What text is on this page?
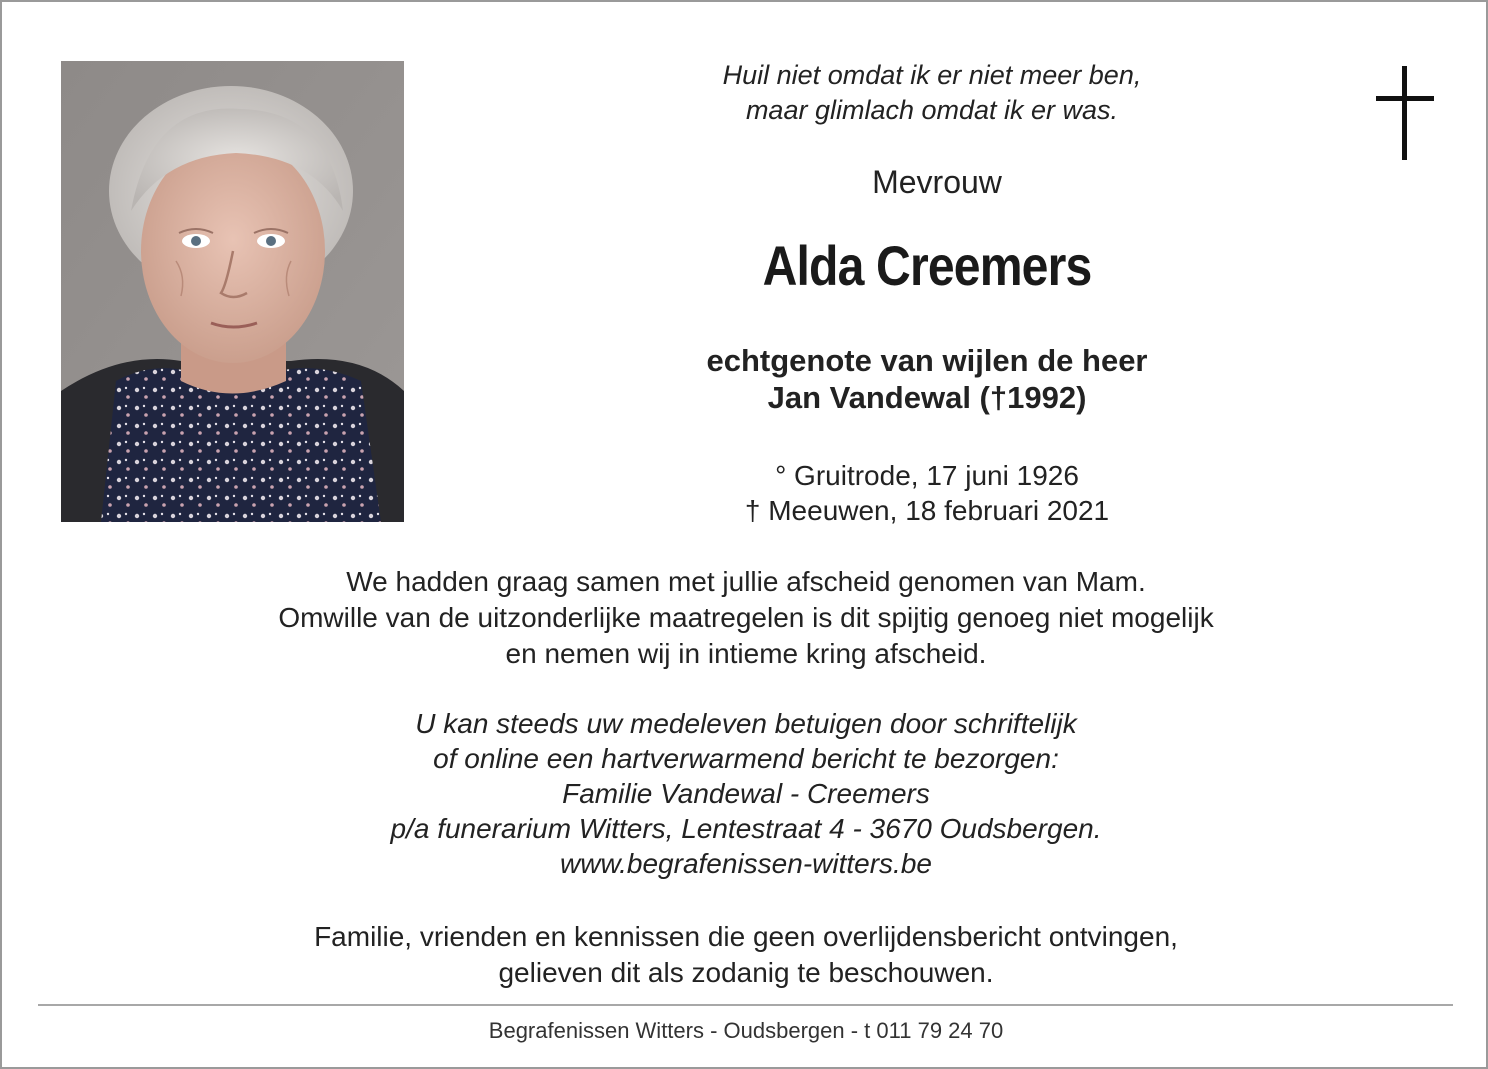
Huil niet omdat ik er niet meer ben,
maar glimlach omdat ik er was.
Mevrouw
Alda Creemers
echtgenote van wijlen de heer
Jan Vandewal (†1992)
° Gruitrode, 17 juni 1926
† Meeuwen, 18 februari 2021
We hadden graag samen met jullie afscheid genomen van Mam.
Omwille van de uitzonderlijke maatregelen is dit spijtig genoeg niet mogelijk
en nemen wij in intieme kring afscheid.
U kan steeds uw medeleven betuigen door schriftelijk
of online een hartverwarmend bericht te bezorgen:
Familie Vandewal - Creemers
p/a funerarium Witters, Lentestraat 4 - 3670 Oudsbergen.
www.begrafenissen-witters.be
Familie, vrienden en kennissen die geen overlijdensbericht ontvingen,
gelieven dit als zodanig te beschouwen.
Begrafenissen Witters - Oudsbergen - t 011 79 24 70
